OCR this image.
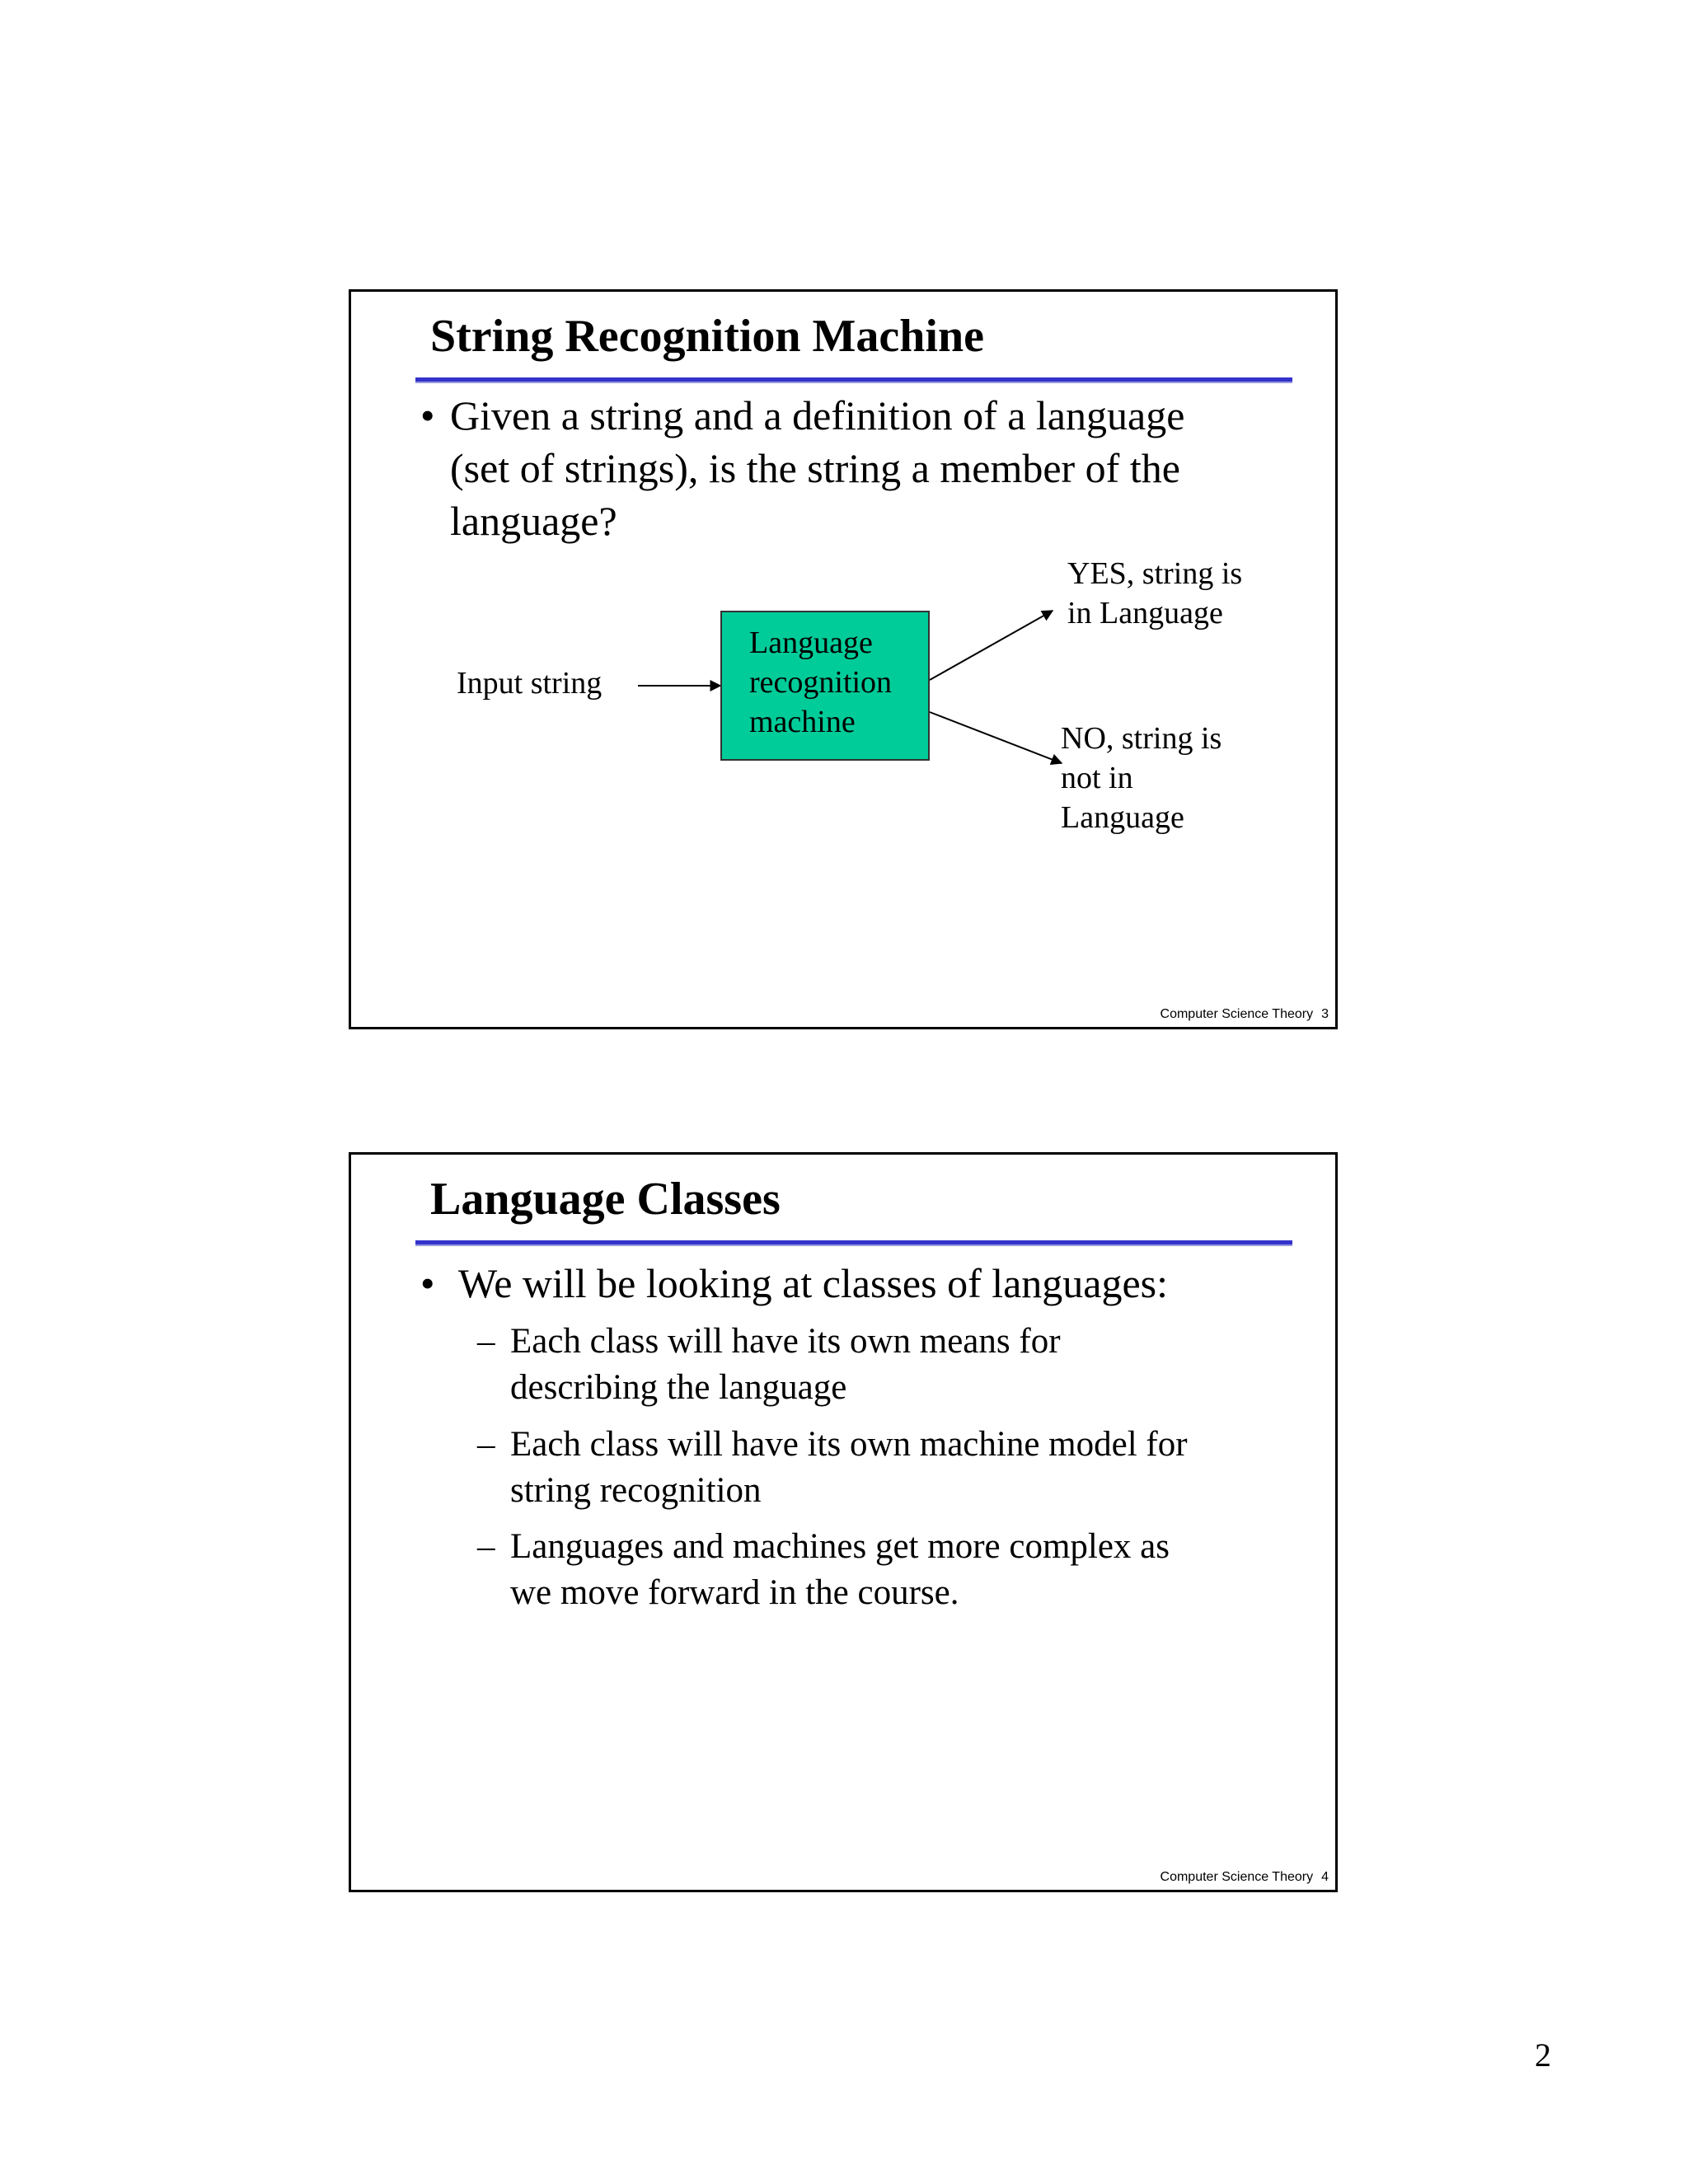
String Recognition Machine
• Given a string and a definition of a language
(set of strings), is the string a member of the
language?
Input string
Language
recognition
machine
YES, string is
in Language
NO, string is
not in
Language
Computer Science Theory 3
Language Classes
• We will be looking at classes of languages:
– Each class will have its own means for
describing the language
– Each class will have its own machine model for
string recognition
– Languages and machines get more complex as
we move forward in the course.
Computer Science Theory 4
2
